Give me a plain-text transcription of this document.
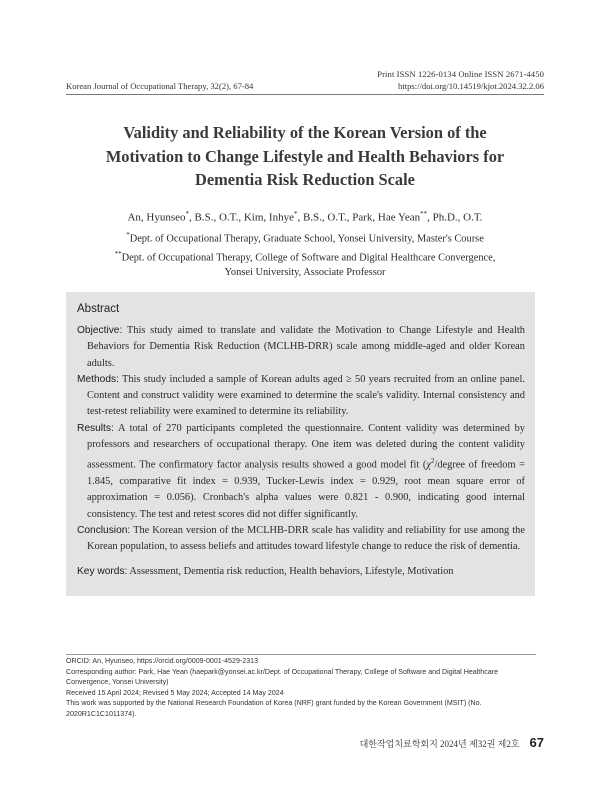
Print ISSN 1226-0134 Online ISSN 2671-4450
Korean Journal of Occupational Therapy, 32(2), 67-84	https://doi.org/10.14519/kjot.2024.32.2.06
Validity and Reliability of the Korean Version of the
Motivation to Change Lifestyle and Health Behaviors for
Dementia Risk Reduction Scale
An, Hyunseo*, B.S., O.T., Kim, Inhye*, B.S., O.T., Park, Hae Yean**, Ph.D., O.T.
*Dept. of Occupational Therapy, Graduate School, Yonsei University, Master's Course
**Dept. of Occupational Therapy, College of Software and Digital Healthcare Convergence,
Yonsei University, Associate Professor
Abstract
Objective: This study aimed to translate and validate the Motivation to Change Lifestyle and Health Behaviors for Dementia Risk Reduction (MCLHB-DRR) scale among middle-aged and older Korean adults.
Methods: This study included a sample of Korean adults aged ≥ 50 years recruited from an online panel. Content and construct validity were examined to determine the scale's validity. Internal consistency and test-retest reliability were examined to determine its reliability.
Results: A total of 270 participants completed the questionnaire. Content validity was determined by professors and researchers of occupational therapy. One item was deleted during the content validity assessment. The confirmatory factor analysis results showed a good model fit ($\chi^2$/degree of freedom = 1.845, comparative fit index = 0.939, Tucker-Lewis index = 0.929, root mean square error of approximation = 0.056). Cronbach's alpha values were 0.821 - 0.900, indicating good internal consistency. The test and retest scores did not differ significantly.
Conclusion: The Korean version of the MCLHB-DRR scale has validity and reliability for use among the Korean population, to assess beliefs and attitudes toward lifestyle change to reduce the risk of dementia.
Key words: Assessment, Dementia risk reduction, Health behaviors, Lifestyle, Motivation
ORCID: An, Hyunseo, https://orcid.org/0009-0001-4529-2313
Corresponding author: Park, Hae Yean (haepark@yonsei.ac.kr/Dept. of Occupational Therapy, College of Software and Digital Healthcare
Convergence, Yonsei University)
Received 15 April 2024; Revised 5 May 2024; Accepted 14 May 2024
This work was supported by the National Research Foundation of Korea (NRF) grant funded by the Korean Government (MSIT) (No.
2020R1C1C1011374).
대한작업치료학회지 2024년 제32권 제2호 67
